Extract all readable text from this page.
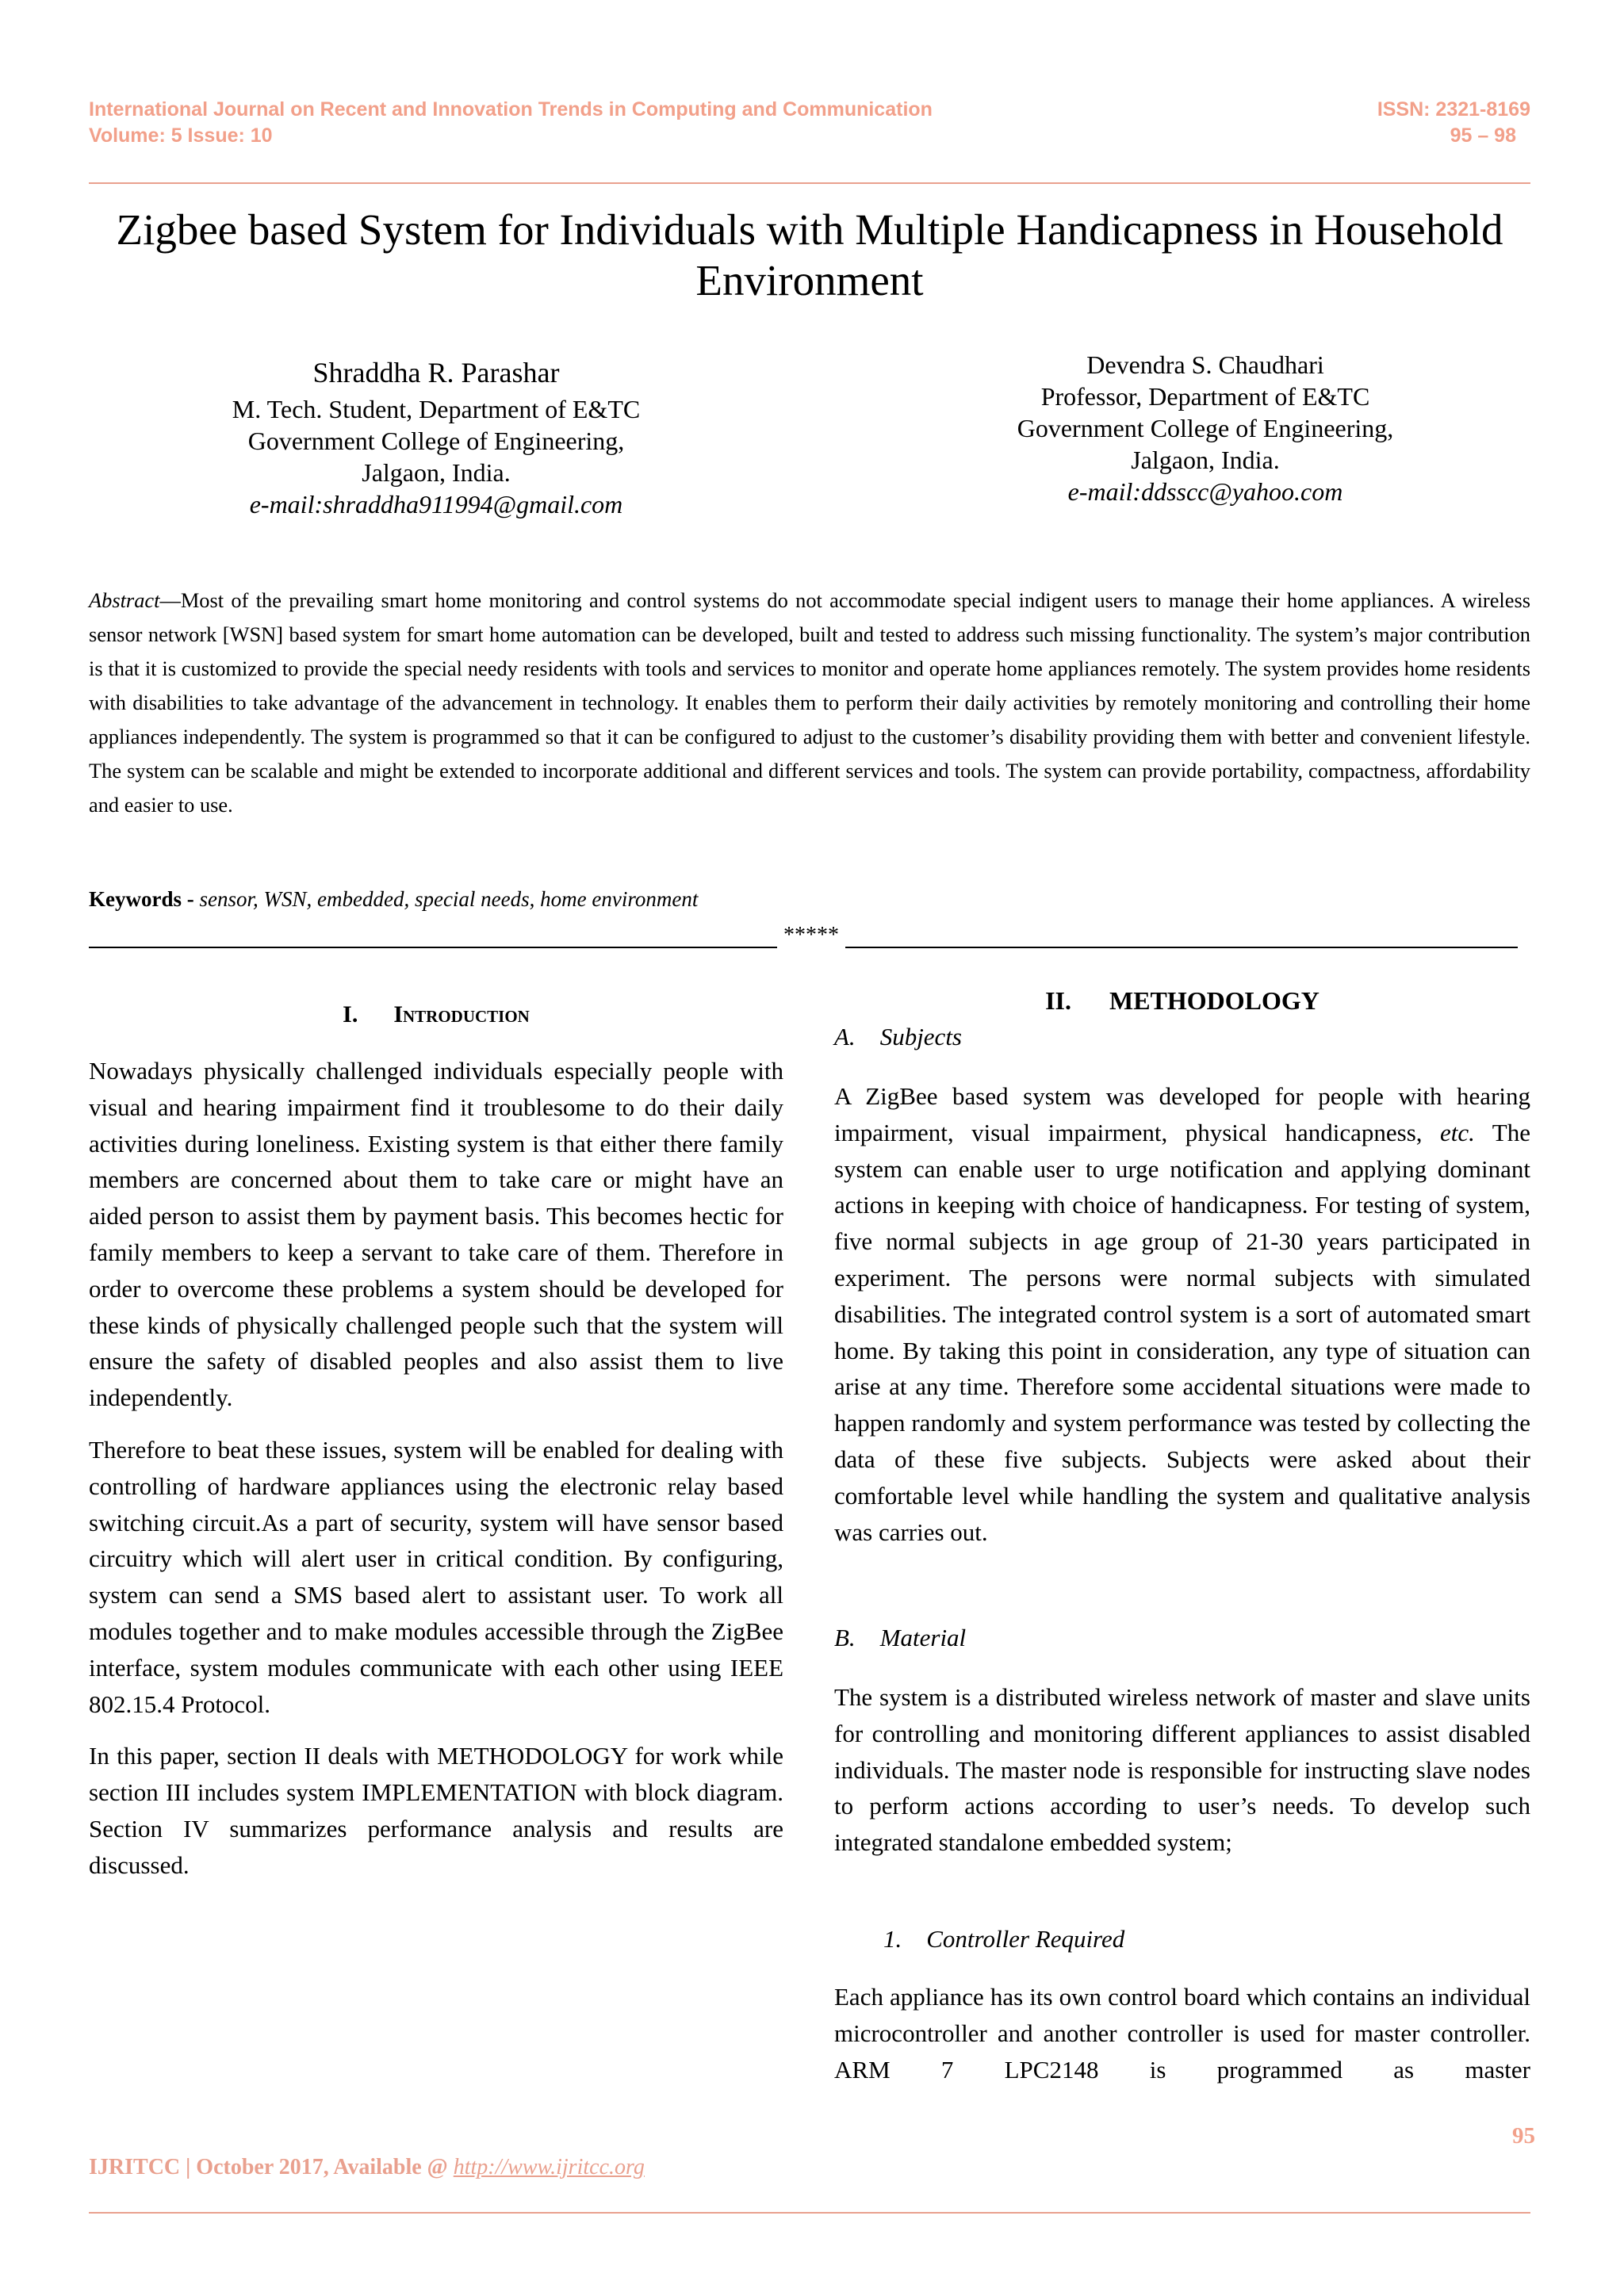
International Journal on Recent and Innovation Trends in Computing and Communication
Volume: 5 Issue: 10
ISSN: 2321-8169
95 – 98
Zigbee based System for Individuals with Multiple Handicapness in Household
Environment
Shraddha R. Parashar
M. Tech. Student, Department of E&TC
Government College of Engineering,
Jalgaon, India.
e-mail:shraddha911994@gmail.com
Devendra S. Chaudhari
Professor, Department of E&TC
Government College of Engineering,
Jalgaon, India.
e-mail:ddsscc@yahoo.com
Abstract—Most of the prevailing smart home monitoring and control systems do not accommodate special indigent users to manage their home appliances. A wireless sensor network [WSN] based system for smart home automation can be developed, built and tested to address such missing functionality. The system’s major contribution is that it is customized to provide the special needy residents with tools and services to monitor and operate home appliances remotely. The system provides home residents with disabilities to take advantage of the advancement in technology. It enables them to perform their daily activities by remotely monitoring and controlling their home appliances independently. The system is programmed so that it can be configured to adjust to the customer’s disability providing them with better and convenient lifestyle. The system can be scalable and might be extended to incorporate additional and different services and tools. The system can provide portability, compactness, affordability and easier to use.
Keywords - sensor, WSN, embedded, special needs, home environment
*****
I. Introduction

Nowadays physically challenged individuals especially people with visual and hearing impairment find it troublesome to do their daily activities during loneliness. Existing system is that either there family members are concerned about them to take care or might have an aided person to assist them by payment basis. This becomes hectic for family members to keep a servant to take care of them. Therefore in order to overcome these problems a system should be developed for these kinds of physically challenged people such that the system will ensure the safety of disabled peoples and also assist them to live independently.

Therefore to beat these issues, system will be enabled for dealing with controlling of hardware appliances using the electronic relay based switching circuit.As a part of security, system will have sensor based circuitry which will alert user in critical condition. By configuring, system can send a SMS based alert to assistant user. To work all modules together and to make modules accessible through the ZigBee interface, system modules communicate with each other using IEEE 802.15.4 Protocol.

In this paper, section II deals with METHODOLOGY for work while section III includes system IMPLEMENTATION with block diagram. Section IV summarizes performance analysis and results are discussed.

II. METHODOLOGY
A. Subjects

A ZigBee based system was developed for people with hearing impairment, visual impairment, physical handicapness, etc. The system can enable user to urge notification and applying dominant actions in keeping with choice of handicapness. For testing of system, five normal subjects in age group of 21-30 years participated in experiment. The persons were normal subjects with simulated disabilities. The integrated control system is a sort of automated smart home. By taking this point in consideration, any type of situation can arise at any time. Therefore some accidental situations were made to happen randomly and system performance was tested by collecting the data of these five subjects. Subjects were asked about their comfortable level while handling the system and qualitative analysis was carries out.

B. Material

The system is a distributed wireless network of master and slave units for controlling and monitoring different appliances to assist disabled individuals. The master node is responsible for instructing slave nodes to perform actions according to user’s needs. To develop such integrated standalone embedded system;

1. Controller Required

Each appliance has its own control board which contains an individual microcontroller and another controller is used for master controller. ARM 7 LPC2148 is programmed as master

95
IJRITCC | October 2017, Available @ http://www.ijritcc.org
